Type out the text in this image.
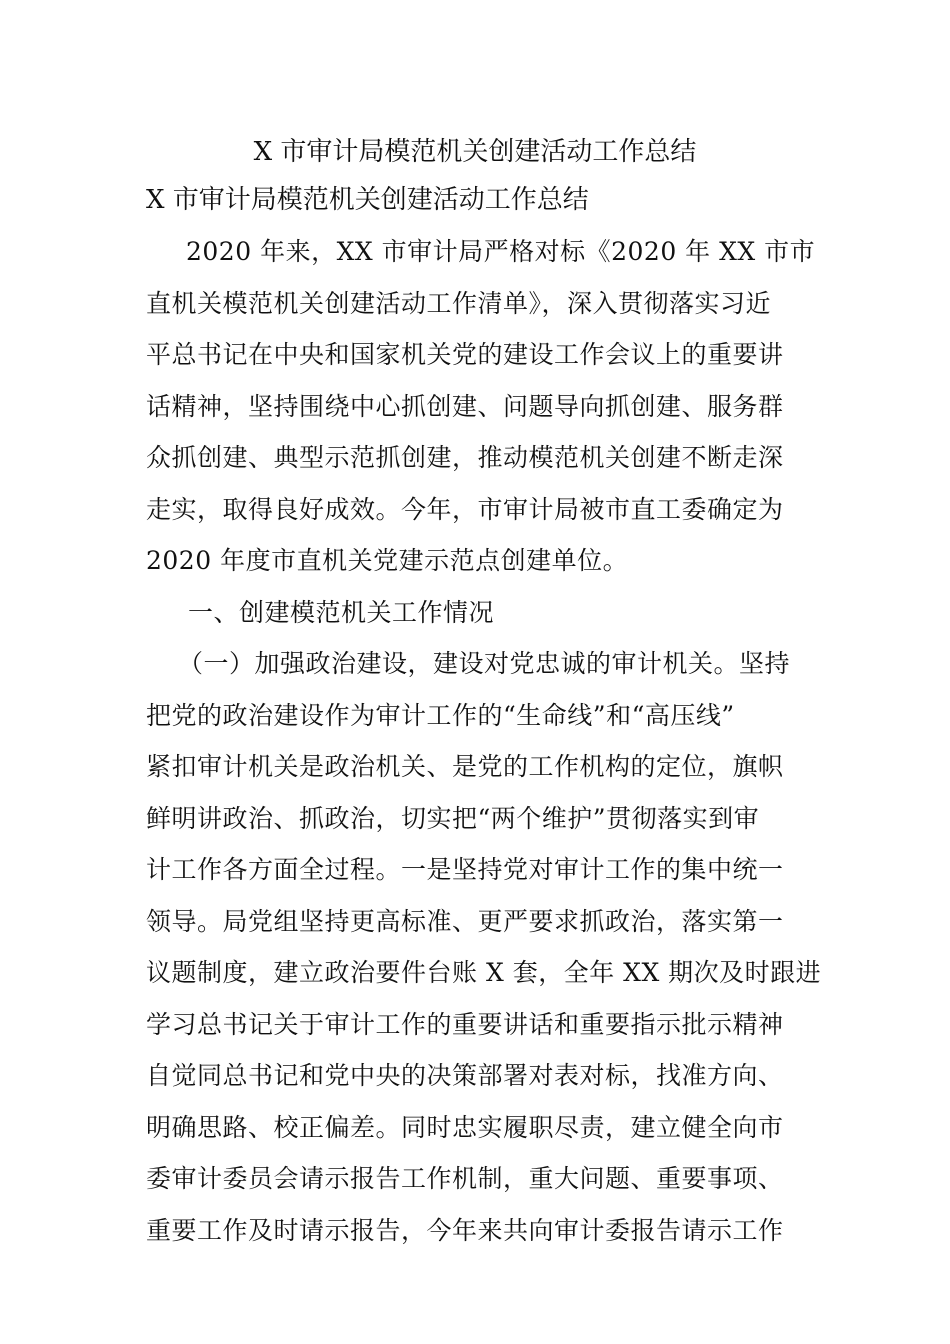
X 市审计局模范机关创建活动工作总结
X 市审计局模范机关创建活动工作总结
2020 年来，XX 市审计局严格对标《2020 年 XX 市市
直机关模范机关创建活动工作清单》，深入贯彻落实习近
平总书记在中央和国家机关党的建设工作会议上的重要讲
话精神，坚持围绕中心抓创建、问题导向抓创建、服务群
众抓创建、典型示范抓创建，推动模范机关创建不断走深
走实，取得良好成效。今年，市审计局被市直工委确定为
2020 年度市直机关党建示范点创建单位。
一、创建模范机关工作情况
（一）加强政治建设，建设对党忠诚的审计机关。坚持
把党的政治建设作为审计工作的“生命线”和“高压线”
紧扣审计机关是政治机关、是党的工作机构的定位，旗帜
鲜明讲政治、抓政治，切实把“两个维护”贯彻落实到审
计工作各方面全过程。一是坚持党对审计工作的集中统一
领导。局党组坚持更高标准、更严要求抓政治，落实第一
议题制度，建立政治要件台账 X 套，全年 XX 期次及时跟进
学习总书记关于审计工作的重要讲话和重要指示批示精神
自觉同总书记和党中央的决策部署对表对标，找准方向、
明确思路、校正偏差。同时忠实履职尽责，建立健全向市
委审计委员会请示报告工作机制，重大问题、重要事项、
重要工作及时请示报告，今年来共向审计委报告请示工作
